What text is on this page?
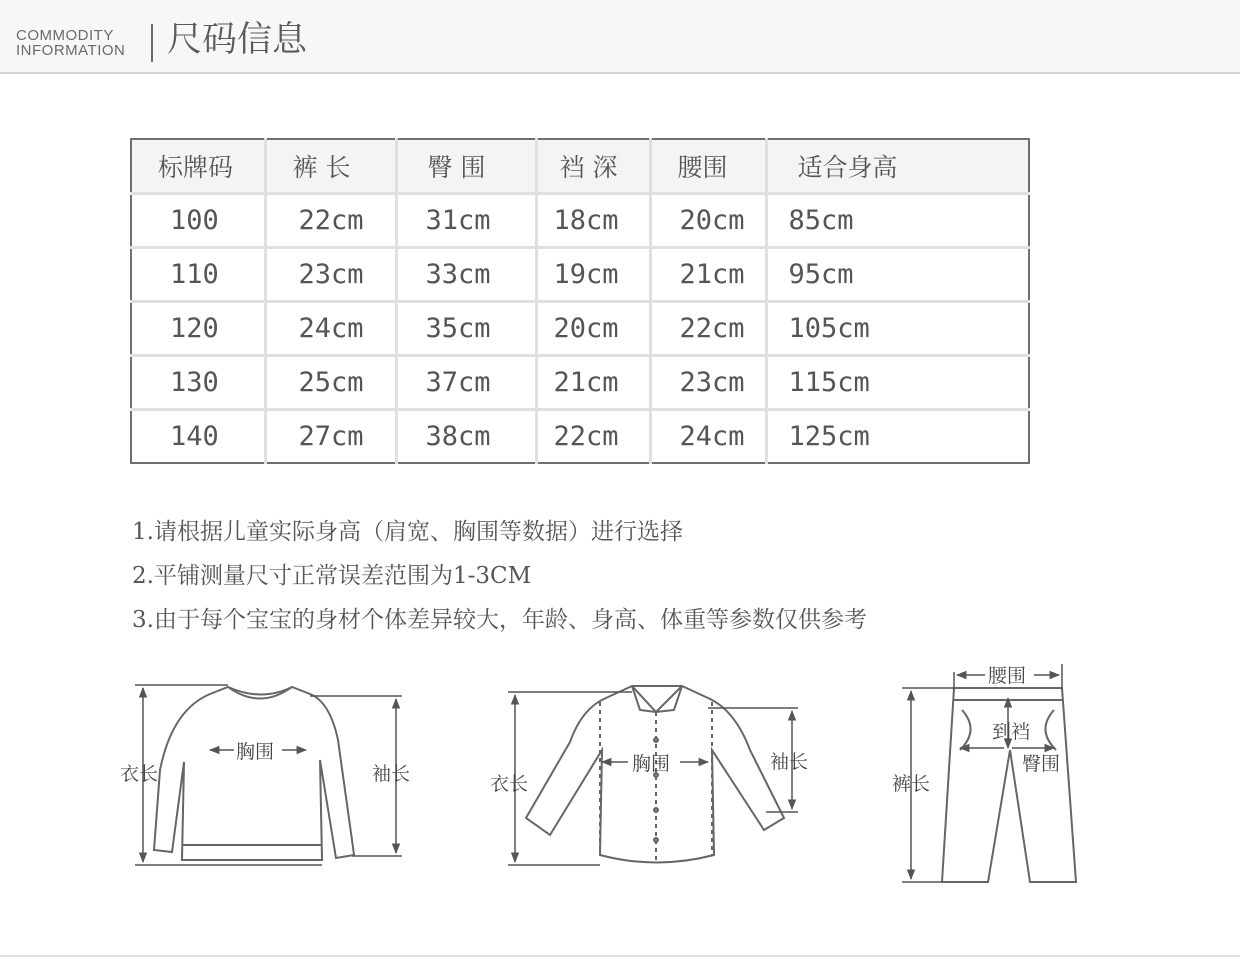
COMMODITY
INFORMATION 尺码信息
标牌码	裤 长	臀 围	裆 深	腰围	适合身高
100	22cm	31cm	18cm	20cm	85cm
110	23cm	33cm	19cm	21cm	95cm
120	24cm	35cm	20cm	22cm	105cm
130	25cm	37cm	21cm	23cm	115cm
140	27cm	38cm	22cm	24cm	125cm
1.请根据儿童实际身高（肩宽、胸围等数据）进行选择
2.平铺测量尺寸正常误差范围为1-3CM
3.由于每个宝宝的身材个体差异较大，年龄、身高、体重等参数仅供参考
衣长
胸围
袖长	衣长
胸围	袖长
腰围
到裆
臀围
裤长
